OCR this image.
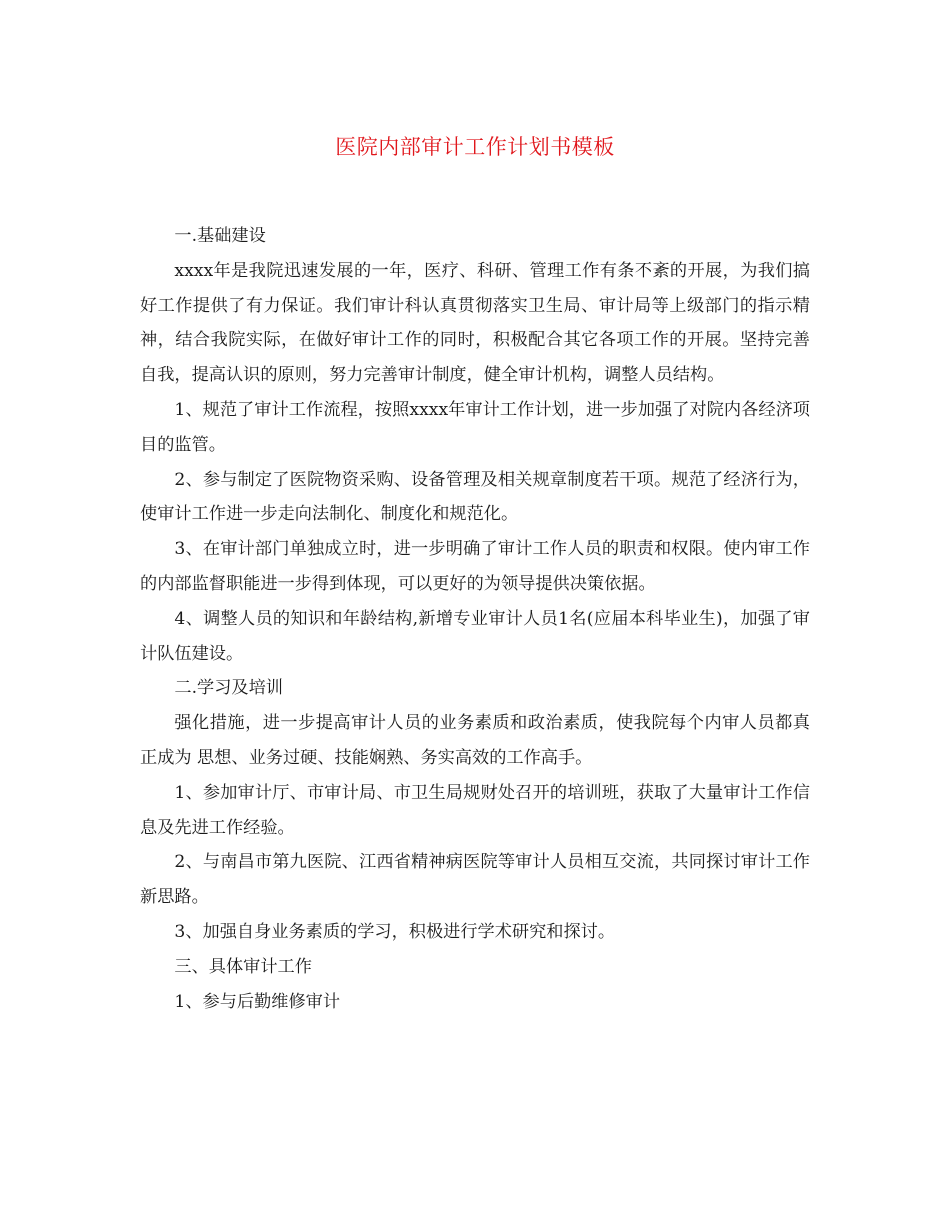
医院内部审计工作计划书模板

一.基础建设

xxxx年是我院迅速发展的一年，医疗、科研、管理工作有条不紊的开展，为我们搞好工作提供了有力保证。我们审计科认真贯彻落实卫生局、审计局等上级部门的指示精神，结合我院实际，在做好审计工作的同时，积极配合其它各项工作的开展。坚持完善自我，提高认识的原则，努力完善审计制度，健全审计机构，调整人员结构。

1、规范了审计工作流程，按照xxxx年审计工作计划，进一步加强了对院内各经济项目的监管。

2、参与制定了医院物资采购、设备管理及相关规章制度若干项。规范了经济行为，使审计工作进一步走向法制化、制度化和规范化。

3、在审计部门单独成立时，进一步明确了审计工作人员的职责和权限。使内审工作的内部监督职能进一步得到体现，可以更好的为领导提供决策依据。

4、调整人员的知识和年龄结构,新增专业审计人员1名(应届本科毕业生)，加强了审计队伍建设。

二.学习及培训

强化措施，进一步提高审计人员的业务素质和政治素质，使我院每个内审人员都真正成为 思想、业务过硬、技能娴熟、务实高效的工作高手。

1、参加审计厅、市审计局、市卫生局规财处召开的培训班，获取了大量审计工作信息及先进工作经验。

2、与南昌市第九医院、江西省精神病医院等审计人员相互交流，共同探讨审计工作新思路。

3、加强自身业务素质的学习，积极进行学术研究和探讨。

三、具体审计工作

1、参与后勤维修审计
